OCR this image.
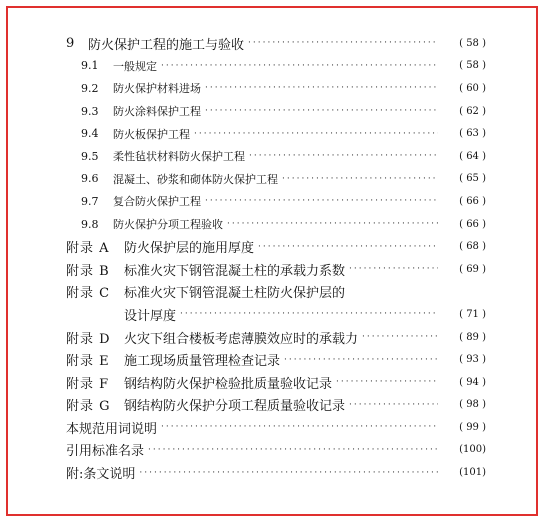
9	防火保护工程的施工与验收 ·····	( 58 )
9.1	一般规定 ·····	( 58 )
9.2	防火保护材料进场 ·····	( 60 )
9.3	防火涂料保护工程 ·····	( 62 )
9.4	防火板保护工程 ·····	( 63 )
9.5	柔性毡状材料防火保护工程 ·····	( 64 )
9.6	混凝土、砂浆和砌体防火保护工程 ·····	( 65 )
9.7	复合防火保护工程 ·····	( 66 )
9.8	防火保护分项工程验收 ·····	( 66 )
附录 A	防火保护层的施用厚度 ·····	( 68 )
附录 B	标准火灾下钢管混凝土柱的承载力系数 ·····	( 69 )
附录 C	标准火灾下钢管混凝土柱防火保护层的
设计厚度 ·····	( 71 )
附录 D	火灾下组合楼板考虑薄膜效应时的承载力 ·····	( 89 )
附录 E	施工现场质量管理检查记录 ·····	( 93 )
附录 F	钢结构防火保护检验批质量验收记录 ·····	( 94 )
附录 G	钢结构防火保护分项工程质量验收记录 ·····	( 98 )
本规范用词说明 ·····	( 99 )
引用标准名录 ·····	(100)
附:条文说明 ·····	(101)
